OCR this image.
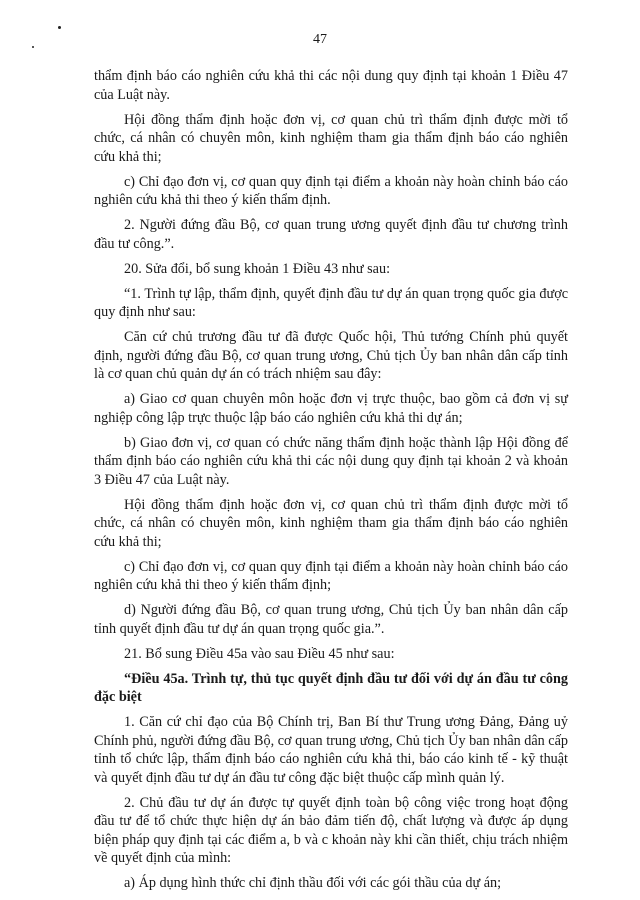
47

thẩm định báo cáo nghiên cứu khả thi các nội dung quy định tại khoản 1 Điều 47 của Luật này.

Hội đồng thẩm định hoặc đơn vị, cơ quan chủ trì thẩm định được mời tổ chức, cá nhân có chuyên môn, kinh nghiệm tham gia thẩm định báo cáo nghiên cứu khả thi;

c) Chỉ đạo đơn vị, cơ quan quy định tại điểm a khoản này hoàn chỉnh báo cáo nghiên cứu khả thi theo ý kiến thẩm định.

2. Người đứng đầu Bộ, cơ quan trung ương quyết định đầu tư chương trình đầu tư công.”.

20. Sửa đổi, bổ sung khoản 1 Điều 43 như sau:

“1. Trình tự lập, thẩm định, quyết định đầu tư dự án quan trọng quốc gia được quy định như sau:

Căn cứ chủ trương đầu tư đã được Quốc hội, Thủ tướng Chính phủ quyết định, người đứng đầu Bộ, cơ quan trung ương, Chủ tịch Ủy ban nhân dân cấp tỉnh là cơ quan chủ quản dự án có trách nhiệm sau đây:

a) Giao cơ quan chuyên môn hoặc đơn vị trực thuộc, bao gồm cả đơn vị sự nghiệp công lập trực thuộc lập báo cáo nghiên cứu khả thi dự án;

b) Giao đơn vị, cơ quan có chức năng thẩm định hoặc thành lập Hội đồng để thẩm định báo cáo nghiên cứu khả thi các nội dung quy định tại khoản 2 và khoản 3 Điều 47 của Luật này.

Hội đồng thẩm định hoặc đơn vị, cơ quan chủ trì thẩm định được mời tổ chức, cá nhân có chuyên môn, kinh nghiệm tham gia thẩm định báo cáo nghiên cứu khả thi;

c) Chỉ đạo đơn vị, cơ quan quy định tại điểm a khoản này hoàn chỉnh báo cáo nghiên cứu khả thi theo ý kiến thẩm định;

d) Người đứng đầu Bộ, cơ quan trung ương, Chủ tịch Ủy ban nhân dân cấp tỉnh quyết định đầu tư dự án quan trọng quốc gia.”.

21. Bổ sung Điều 45a vào sau Điều 45 như sau:

“Điều 45a. Trình tự, thủ tục quyết định đầu tư đối với dự án đầu tư công đặc biệt

1. Căn cứ chỉ đạo của Bộ Chính trị, Ban Bí thư Trung ương Đảng, Đảng uỷ Chính phủ, người đứng đầu Bộ, cơ quan trung ương, Chủ tịch Ủy ban nhân dân cấp tỉnh tổ chức lập, thẩm định báo cáo nghiên cứu khả thi, báo cáo kinh tế - kỹ thuật và quyết định đầu tư dự án đầu tư công đặc biệt thuộc cấp mình quản lý.

2. Chủ đầu tư dự án được tự quyết định toàn bộ công việc trong hoạt động đầu tư để tổ chức thực hiện dự án bảo đảm tiến độ, chất lượng và được áp dụng biện pháp quy định tại các điểm a, b và c khoản này khi cần thiết, chịu trách nhiệm về quyết định của mình:

a) Áp dụng hình thức chỉ định thầu đối với các gói thầu của dự án;
